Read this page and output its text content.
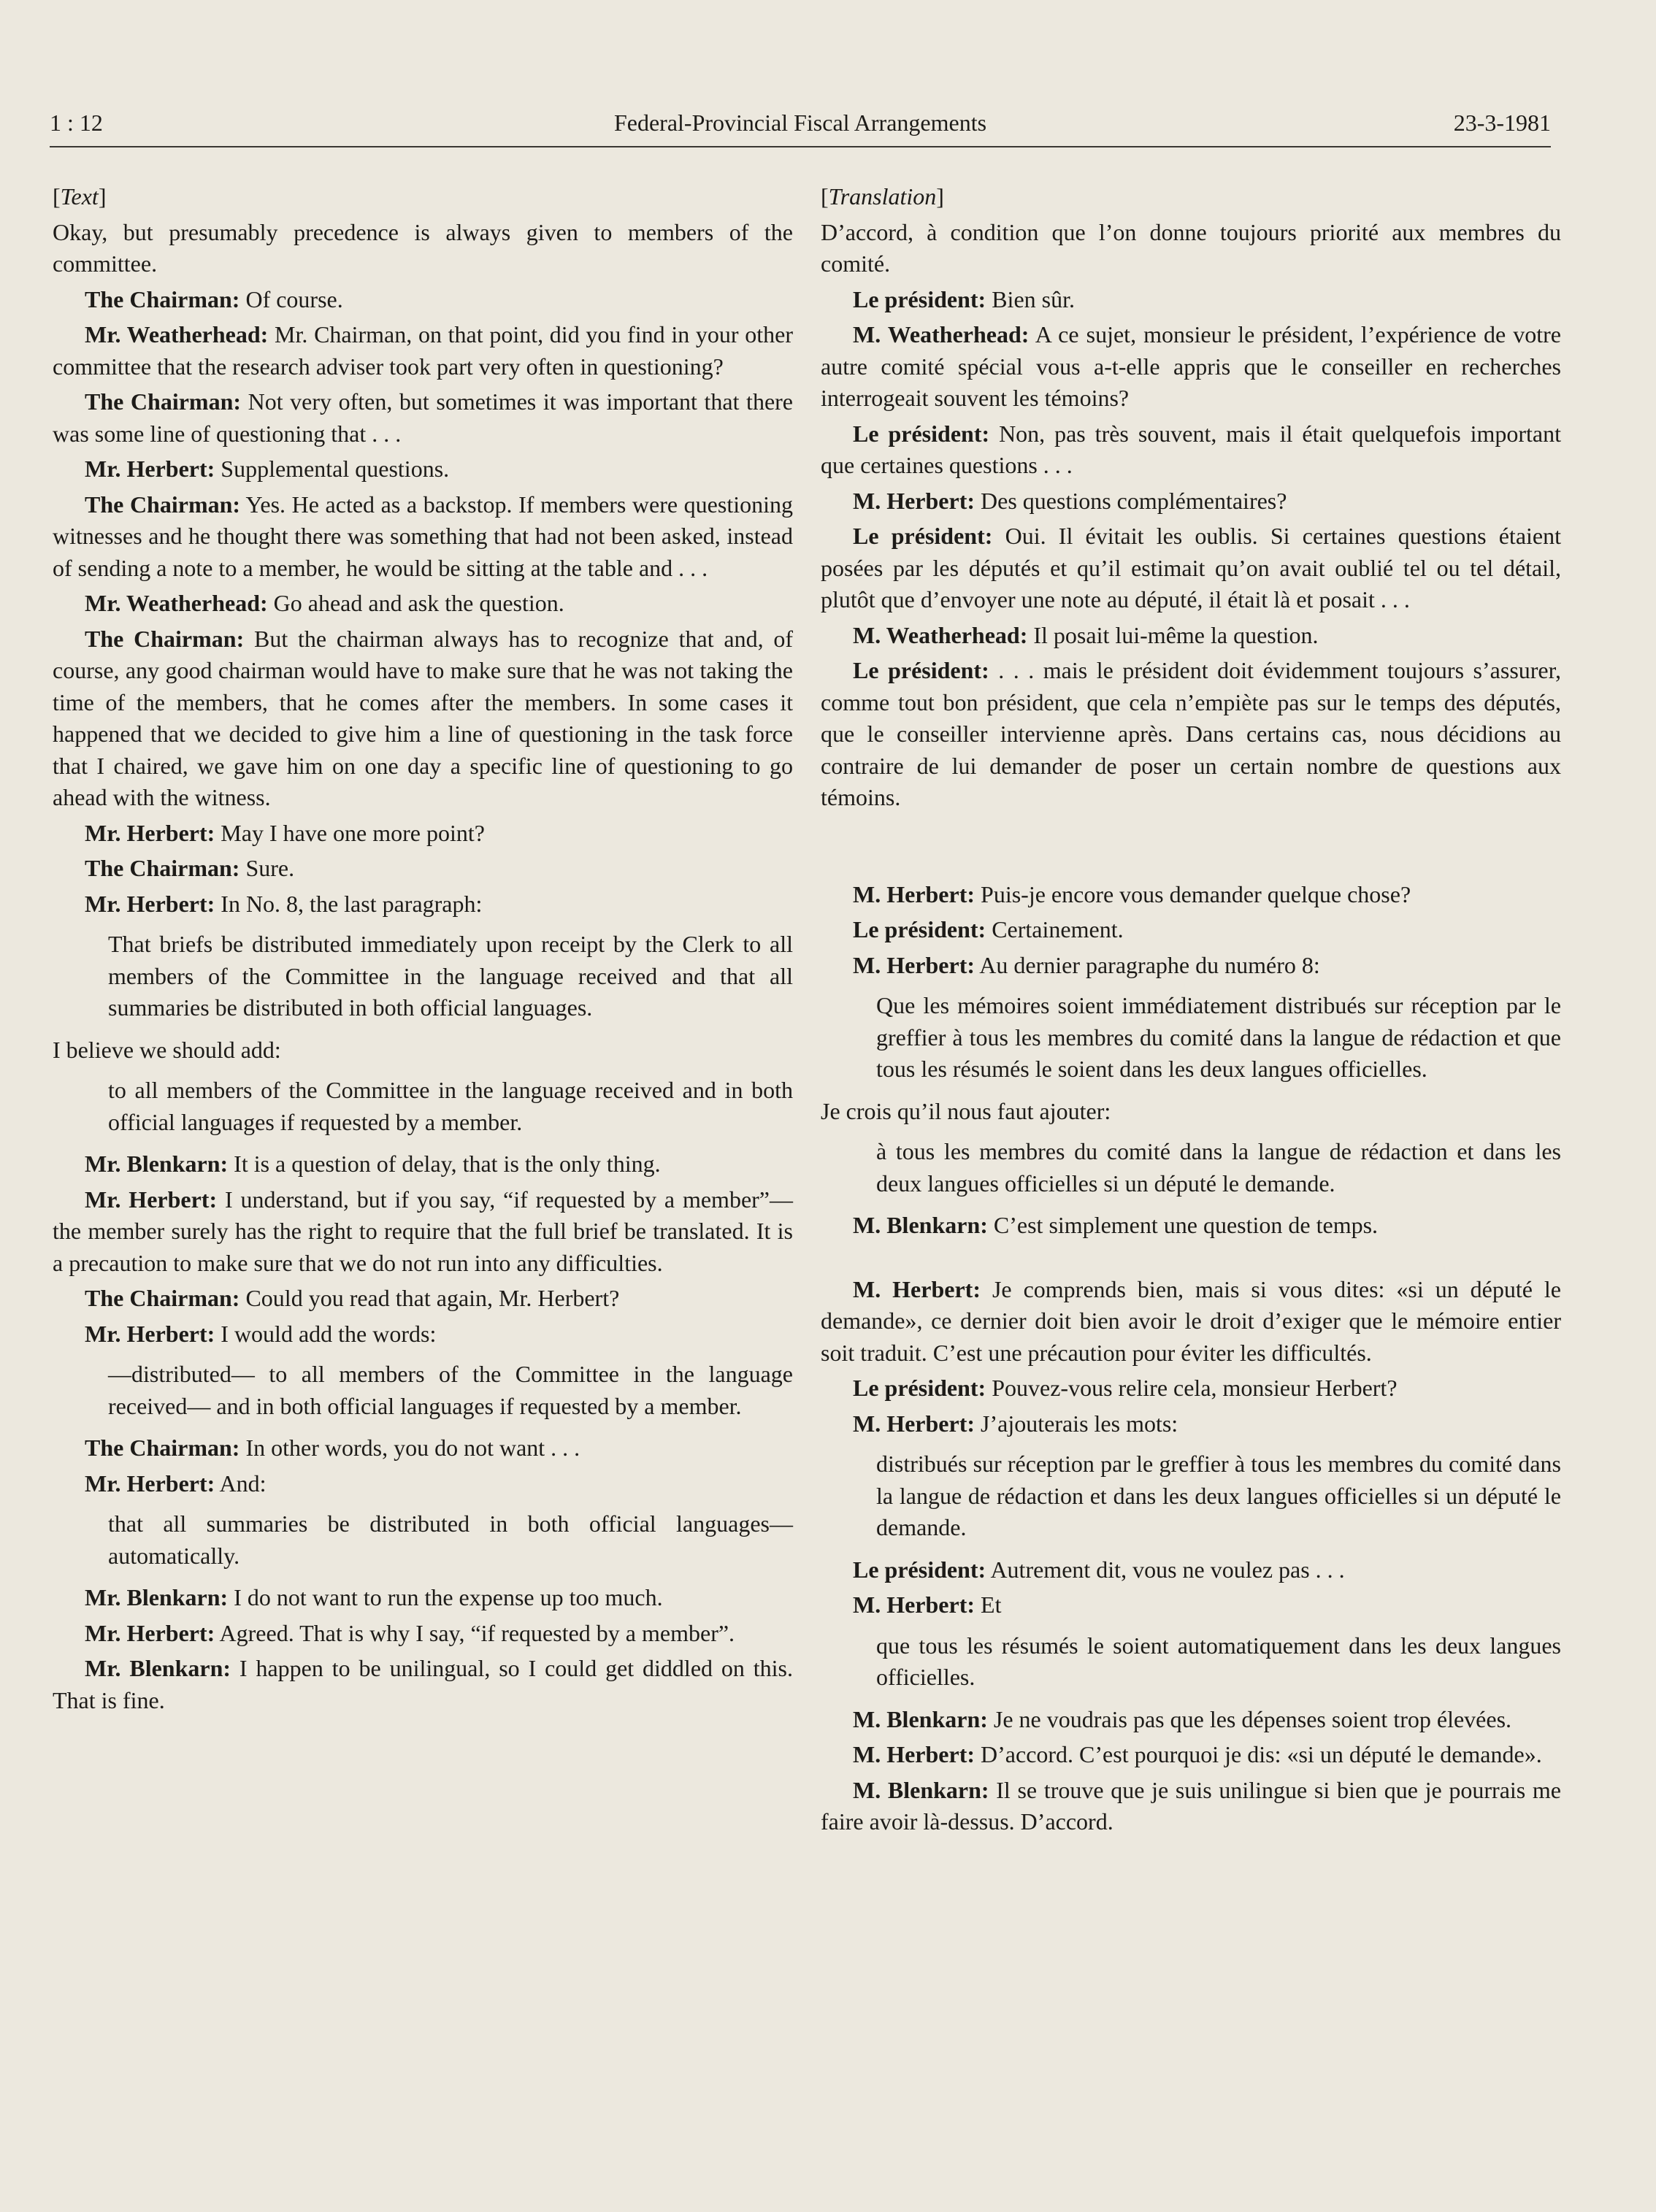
1 : 12	Federal-Provincial Fiscal Arrangements	23-3-1981

[Text]

Okay, but presumably precedence is always given to members of the committee.

The Chairman: Of course.

Mr. Weatherhead: Mr. Chairman, on that point, did you find in your other committee that the research adviser took part very often in questioning?

The Chairman: Not very often, but sometimes it was important that there was some line of questioning that . . .

Mr. Herbert: Supplemental questions.

The Chairman: Yes. He acted as a backstop. If members were questioning witnesses and he thought there was something that had not been asked, instead of sending a note to a member, he would be sitting at the table and . . .

Mr. Weatherhead: Go ahead and ask the question.

The Chairman: But the chairman always has to recognize that and, of course, any good chairman would have to make sure that he was not taking the time of the members, that he comes after the members. In some cases it happened that we decided to give him a line of questioning in the task force that I chaired, we gave him on one day a specific line of questioning to go ahead with the witness.

Mr. Herbert: May I have one more point?

The Chairman: Sure.

Mr. Herbert: In No. 8, the last paragraph:

That briefs be distributed immediately upon receipt by the Clerk to all members of the Committee in the language received and that all summaries be distributed in both official languages.

I believe we should add:

to all members of the Committee in the language received and in both official languages if requested by a member.

Mr. Blenkarn: It is a question of delay, that is the only thing.

Mr. Herbert: I understand, but if you say, “if requested by a member”—the member surely has the right to require that the full brief be translated. It is a precaution to make sure that we do not run into any difficulties.

The Chairman: Could you read that again, Mr. Herbert?

Mr. Herbert: I would add the words:

—distributed— to all members of the Committee in the language received— and in both official languages if requested by a member.

The Chairman: In other words, you do not want . . .

Mr. Herbert: And:

that all summaries be distributed in both official languages—automatically.

Mr. Blenkarn: I do not want to run the expense up too much.

Mr. Herbert: Agreed. That is why I say, “if requested by a member”.

Mr. Blenkarn: I happen to be unilingual, so I could get diddled on this. That is fine.

[Translation]

D’accord, à condition que l’on donne toujours priorité aux membres du comité.

Le président: Bien sûr.

M. Weatherhead: A ce sujet, monsieur le président, l’expérience de votre autre comité spécial vous a-t-elle appris que le conseiller en recherches interrogeait souvent les témoins?

Le président: Non, pas très souvent, mais il était quelquefois important que certaines questions . . .

M. Herbert: Des questions complémentaires?

Le président: Oui. Il évitait les oublis. Si certaines questions étaient posées par les députés et qu’il estimait qu’on avait oublié tel ou tel détail, plutôt que d’envoyer une note au député, il était là et posait . . .

M. Weatherhead: Il posait lui-même la question.

Le président: . . . mais le président doit évidemment toujours s’assurer, comme tout bon président, que cela n’empiète pas sur le temps des députés, que le conseiller intervienne après. Dans certains cas, nous décidions au contraire de lui demander de poser un certain nombre de questions aux témoins.

M. Herbert: Puis-je encore vous demander quelque chose?

Le président: Certainement.

M. Herbert: Au dernier paragraphe du numéro 8:

Que les mémoires soient immédiatement distribués sur réception par le greffier à tous les membres du comité dans la langue de rédaction et que tous les résumés le soient dans les deux langues officielles.

Je crois qu’il nous faut ajouter:

à tous les membres du comité dans la langue de rédaction et dans les deux langues officielles si un député le demande.

M. Blenkarn: C’est simplement une question de temps.

M. Herbert: Je comprends bien, mais si vous dites: «si un député le demande», ce dernier doit bien avoir le droit d’exiger que le mémoire entier soit traduit. C’est une précaution pour éviter les difficultés.

Le président: Pouvez-vous relire cela, monsieur Herbert?

M. Herbert: J’ajouterais les mots:

distribués sur réception par le greffier à tous les membres du comité dans la langue de rédaction et dans les deux langues officielles si un député le demande.

Le président: Autrement dit, vous ne voulez pas . . .

M. Herbert: Et

que tous les résumés le soient automatiquement dans les deux langues officielles.

M. Blenkarn: Je ne voudrais pas que les dépenses soient trop élevées.

M. Herbert: D’accord. C’est pourquoi je dis: «si un député le demande».

M. Blenkarn: Il se trouve que je suis unilingue si bien que je pourrais me faire avoir là-dessus. D’accord.
